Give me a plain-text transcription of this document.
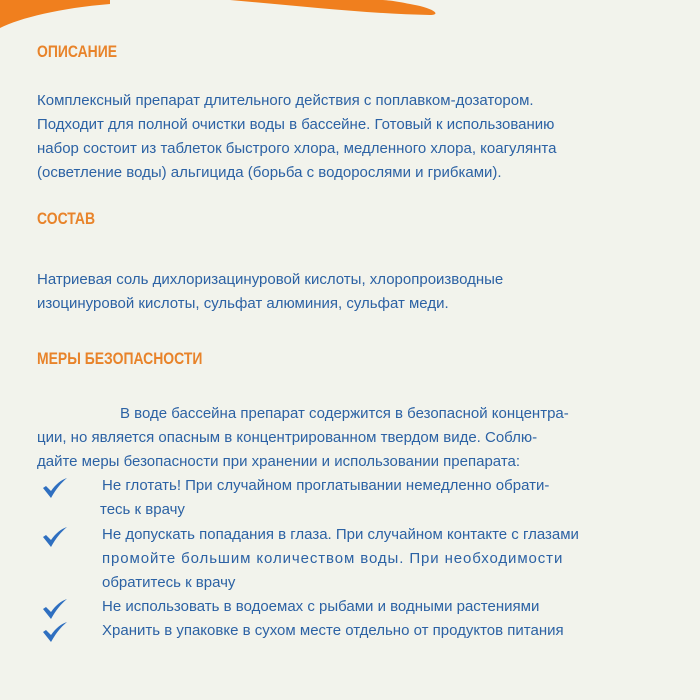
ОПИСАНИЕ
Комплексный препарат длительного действия с поплавком-дозатором.
Подходит для полной очистки воды в бассейне. Готовый к использованию
набор состоит из таблеток быстрого хлора, медленного хлора, коагулянта
(осветление воды) альгицида (борьба с водорослями и грибками).
СОСТАВ
Натриевая соль дихлоризацинуровой кислоты, хлоропроизводные
изоцинуровой кислоты, сульфат алюминия, сульфат меди.
МЕРЫ БЕЗОПАСНОСТИ
В воде бассейна препарат содержится в безопасной концентра-
ции, но является опасным в концентрированном твердом виде. Соблю-
дайте меры безопасности при хранении и использовании препарата:
Не глотать! При случайном проглатывании немедленно обрати-
тесь к врачу
Не допускать попадания в глаза. При случайном контакте с глазами
промойте большим количеством воды. При необходимости
обратитесь к врачу
Не использовать в водоемах с рыбами и водными растениями
Хранить в упаковке в сухом месте отдельно от продуктов питания
